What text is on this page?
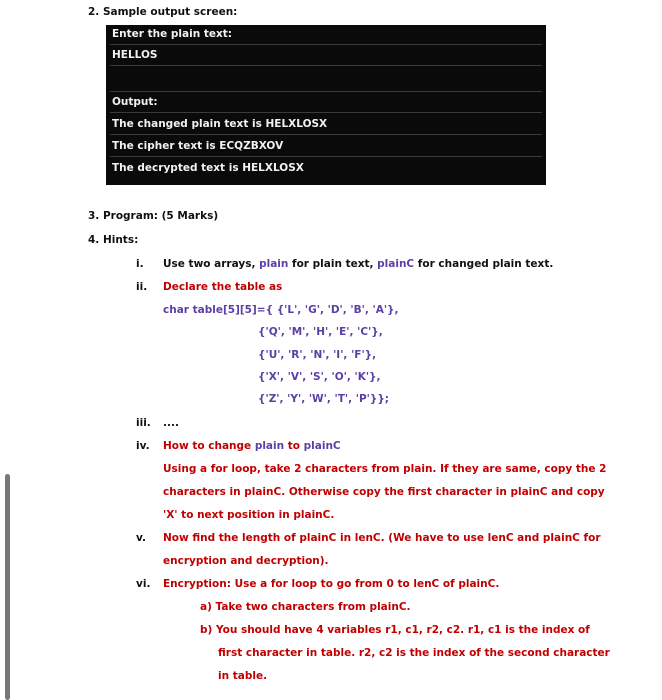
2. Sample output screen:
Enter the plain text:
HELLOS
Output:
The changed plain text is HELXLOSX
The cipher text is ECQZBXOV
The decrypted text is HELXLOSX
3. Program: (5 Marks)
4. Hints:
i. Use two arrays, plain for plain text, plainC for changed plain text.
ii. Declare the table as
char table[5][5]={ {'L', 'G', 'D', 'B', 'A'},
{'Q', 'M', 'H', 'E', 'C'},
{'U', 'R', 'N', 'I', 'F'},
{'X', 'V', 'S', 'O', 'K'},
{'Z', 'Y', 'W', 'T', 'P'}};
iii. ....
iv. How to change plain to plainC
Using a for loop, take 2 characters from plain. If they are same, copy the 2
characters in plainC. Otherwise copy the first character in plainC and copy
'X' to next position in plainC.
v. Now find the length of plainC in lenC. (We have to use lenC and plainC for
encryption and decryption).
vi. Encryption: Use a for loop to go from 0 to lenC of plainC.
a) Take two characters from plainC.
b) You should have 4 variables r1, c1, r2, c2. r1, c1 is the index of
first character in table. r2, c2 is the index of the second character
in table.
